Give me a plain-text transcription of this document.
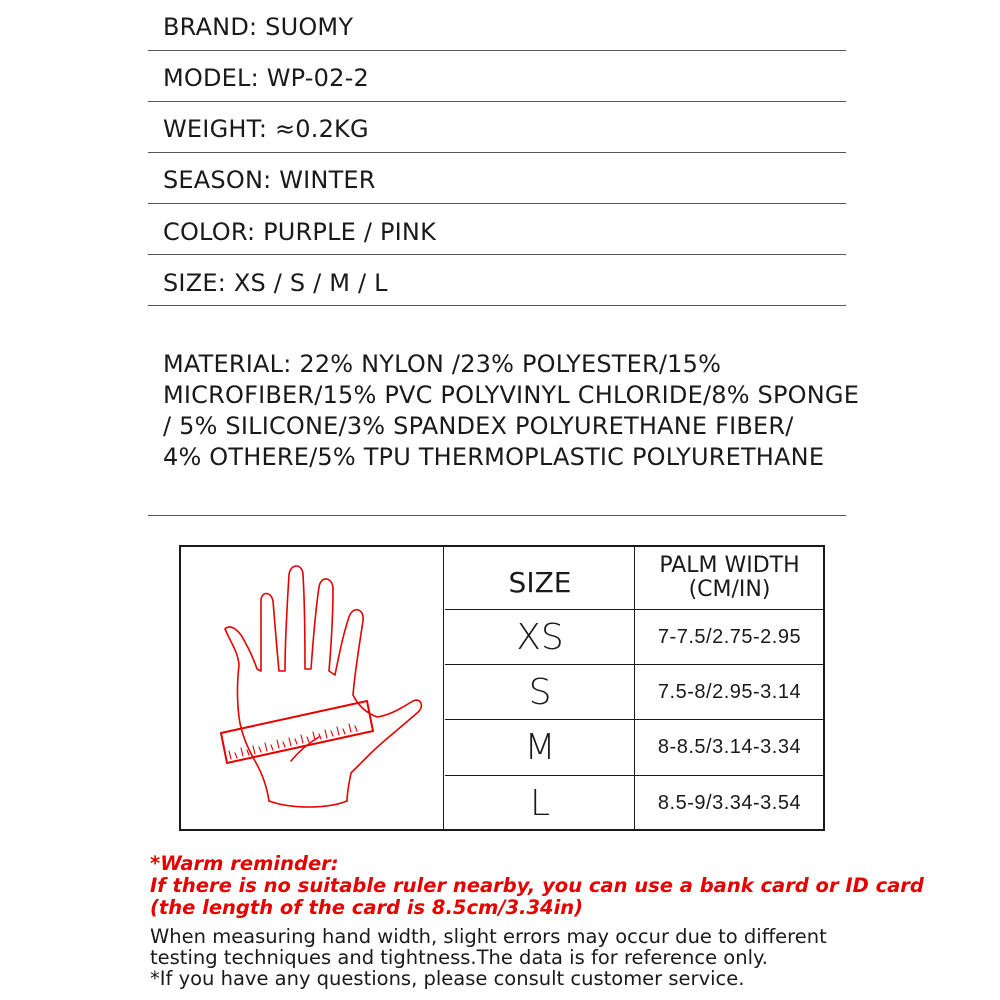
BRAND: SUOMY
MODEL: WP-02-2
WEIGHT: ≈0.2KG
SEASON: WINTER
COLOR: PURPLE / PINK
SIZE: XS / S / M / L
MATERIAL: 22% NYLON /23% POLYESTER/15%
MICROFIBER/15% PVC POLYVINYL CHLORIDE/8% SPONGE
/ 5% SILICONE/3% SPANDEX POLYURETHANE FIBER/
4% OTHERE/5% TPU THERMOPLASTIC POLYURETHANE
SIZE	PALM WIDTH
(CM/IN)
XS	7-7.5/2.75-2.95
S	7.5-8/2.95-3.14
M	8-8.5/3.14-3.34
L	8.5-9/3.34-3.54
*Warm reminder:
If there is no suitable ruler nearby, you can use a bank card or ID card
(the length of the card is 8.5cm/3.34in)
When measuring hand width, slight errors may occur due to different
testing techniques and tightness.The data is for reference only.
*If you have any questions, please consult customer service.
